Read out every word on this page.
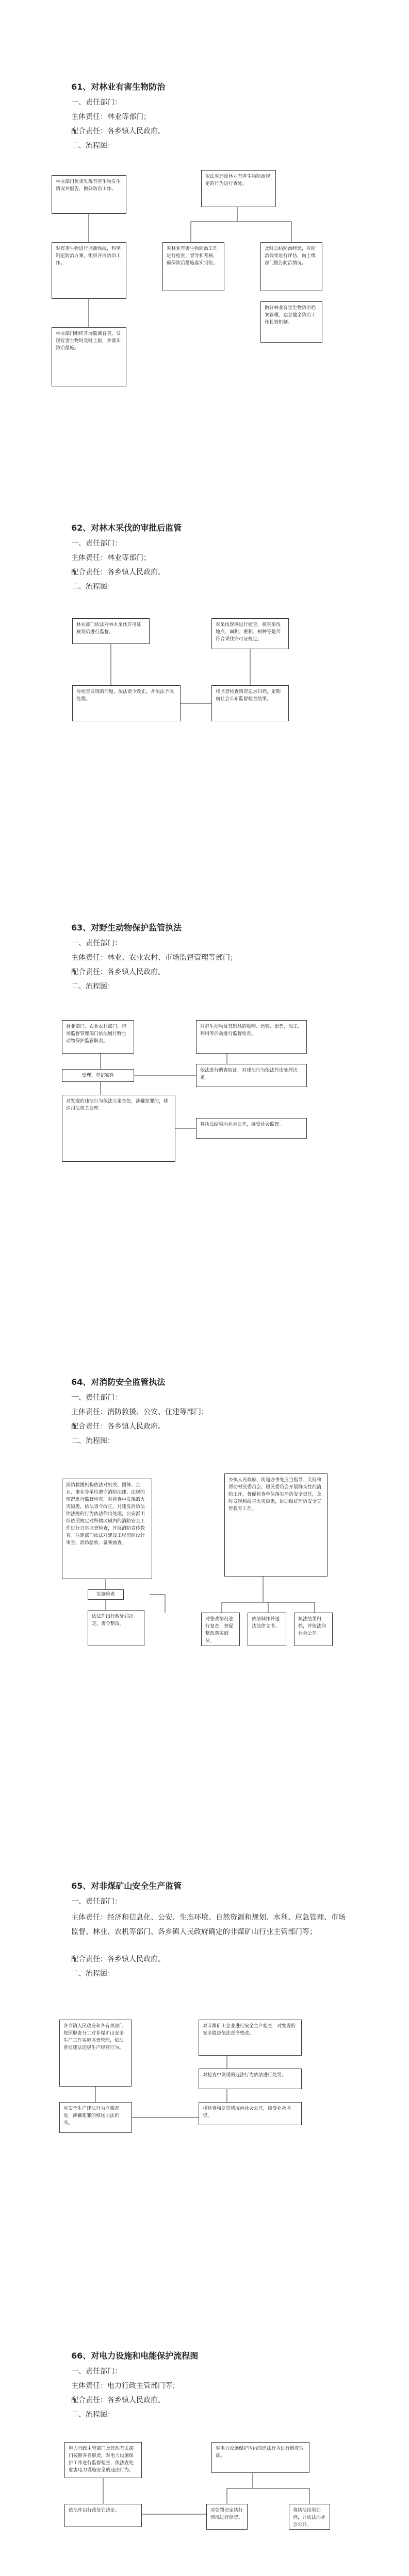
61、对林业有害生物防治
一、责任部门：
主体责任：林业等部门；
配合责任：各乡镇人民政府。
二、流程图：
林业部门负责发现有害生物发生情况并报告，做好防治工作。
对有害生物进行监测预报，科学制定防治方案，组织开展防治工作。
林业部门组织开展监测普查，发现有害生物时及时上报，并落实防治措施。
依法对违反林业有害生物防治规定的行为进行查处。
对林业有害生物防治工作进行检查、督导和考核，确保防治措施落实到位。
及时总结防治经验，对防治效果进行评估，向上级部门报告防治情况。
做好林业有害生物防治档案管理，建立健全防治工作长效机制。
62、对林木采伐的审批后监管
一、责任部门：
主体责任：林业等部门；
配合责任：各乡镇人民政府。
二、流程图：
林业部门依法对林木采伐许可证核发后进行监督。
对采伐现场进行检查，核实采伐地点、面积、蓄积、树种等是否符合采伐许可证规定。
对检查发现的问题，依法责令改正，并依法予以处理。
将监督检查情况记录归档，定期向社会公布监督检查结果。
63、对野生动物保护监管执法
一、责任部门：
主体责任：林业、农业农村、市场监督管理等部门；
配合责任：各乡镇人民政府。
二、流程图：
林业部门、农业农村部门、市场监督管理部门依法履行野生动物保护监管职责。
对野生动物及其制品的收购、运输、出售、加工、利用等活动进行监督检查。
受理、登记案件
依法进行调查取证，对违法行为依法作出处理决定。
对发现的违法行为依法立案查处，涉嫌犯罪的，移送司法机关处理。
将执法结果向社会公开，接受社会监督。
64、对消防安全监管执法
一、责任部门：
主体责任：消防救援、公安、住建等部门；
配合责任：各乡镇人民政府。
二、流程图：
消防救援机构依法对机关、团体、企业、事业等单位遵守消防法律、法规的情况进行监督检查，对检查中发现的火灾隐患，依法责令改正，对违反消防法律法规的行为依法作出处理。公安派出所依照规定对所辖区域内的消防安全工作进行日常监督检查，开展消防宣传教育。住建部门依法对建设工程消防设计审查、消防验收、备案抽查。
乡镇人民政府、街道办事处应当指导、支持和帮助村民委员会、居民委员会开展群众性的消防工作，督促检查单位落实消防安全责任，及时发现和报告火灾隐患，协助做好消防安全宣传教育工作。
实施检查
依法作出行政处罚决定，责令整改。
对整改情况进行复查，督促整改落实到位。
依法制作并送达法律文书。
执法结果归档，并依法向社会公开。
65、对非煤矿山安全生产监管
一、责任部门：
主体责任：经济和信息化、公安、生态环境、自然资源和规划、水利、应急管理、市场监督、林业、农机等部门、各乡镇人民政府确定的非煤矿山行业主管部门等；
配合责任：各乡镇人民政府。
二、流程图：
各乡镇人民政府和各有关部门按照职责分工对非煤矿山安全生产工作实施监督管理，依法查处违法违规生产经营行为。
对非煤矿山企业进行安全生产检查，对发现的安全隐患依法责令整改。
对检查中发现的违法行为依法进行处罚。
对安全生产违法行为立案查处，涉嫌犯罪的移送司法机关。
将检查和处罚情况向社会公开，接受社会监督。
66、对电力设施和电能保护流程图
一、责任部门：
主体责任：电力行政主管部门等；
配合责任：各乡镇人民政府。
二、流程图：
电力行政主管部门及其他有关部门按照各自职责，对电力设施保护工作进行监督检查，依法查处危害电力设施安全的违法行为。
对电力设施保护区内的违法行为进行调查取证。
依法作出行政处罚决定。	对处罚决定执行情况进行监督。
将执法结果归档，并依法向社会公开。
